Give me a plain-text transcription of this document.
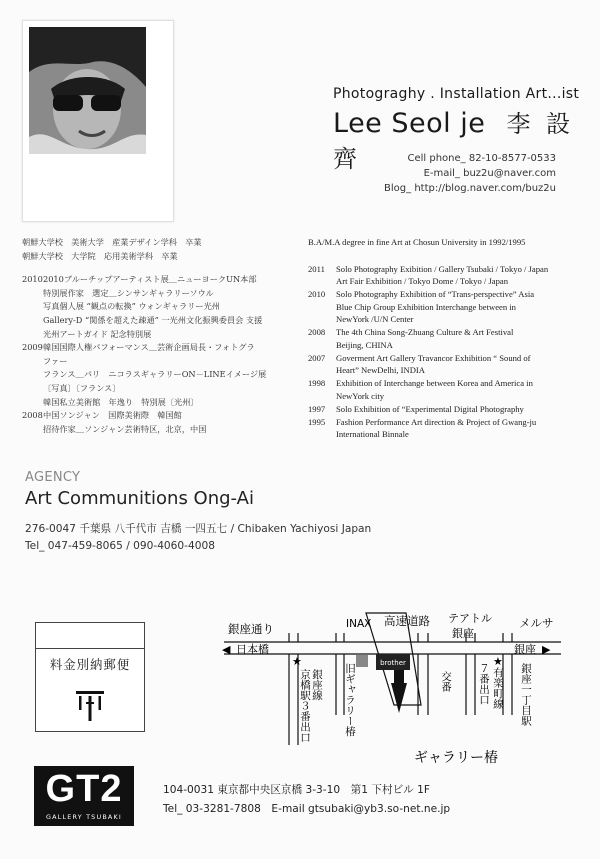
Photograghy . Installation Art...ist
Lee Seol je 李 設 齊	Cell phone_ 82-10-8577-0533
E-mail_ buz2u@naver.com
Blog_ http://blog.naver.com/buz2u
朝鮮大学校　美術大学　産業デザイン学科　卒業
朝鮮大学校　大学院　応用美術学科　卒業
2010 2010ブルーチップアーティスト展＿ニューヨークUN本部
特別展作家　選定＿シンサンギャラリーソウル
写真個人展 “観点の転換” ウォンギャラリー光州
Gallery-D “関係を超えた疎通” 一光州文化振興委員会 支援
光州アートガイド 記念特別展
2009 韓国国際人権パフォーマンス＿芸術企画局長・フォトグラ
ファー
フランス＿パリ　ニコラスギャラリーON－LINEイメージ展
〔写真〕〔フランス〕
韓国私立美術館　年逸り　特別展〔光州〕
2008 中国ソンジャン　国際美術際　韓国館
招待作家＿ソンジャン芸術特区，北京，中国
B.A/M.A degree in fine Art at Chosun University in 1992/1995
2011	Solo Photography Exibition / Gallery Tsubaki / Tokyo / Japan
Art Fair Exhibition / Tokyo Dome / Tokyo / Japan
2010	Solo Photography Exhibition of “Trans-perspective” Asia
Blue Chip Group Exhibition Interchange between in
NewYork /U/N Center
2008	The 4th China Song-Zhuang Culture & Art Festival
Beijing, CHINA
2007	Goverment Art Gallery Travancor Exhibition “ Sound of
Heart” NewDelhi, INDIA
1998	Exhibition of Interchange between Korea and America in
NewYork city
1997	Solo Exhibition of “Experimental Digital Photography
1995	Fashion Performance Art direction & Project of Gwang-ju
International Binnale
AGENCY
Art Communitions Ong-Ai
276-0047 千葉県 八千代市 吉橋 一四五七 / Chibaken Yachiyosi Japan
Tel_ 047-459-8065 / 090-4060-4008
料金別納郵便	brother
★	★
銀座通り	INAX 高速道路 テアトル
銀座
メルサ
◀ 日本橋	銀座 ▶
ギャラリー椿
銀座線
京橋駅３番出口	旧ギャラリー椿	交番 ７番出口	銀座一丁目駅
有楽町線
GT2
GALLERY TSUBAKI
104-0031 東京都中央区京橋 3-3-10　第1 下村ビル 1F
Tel_ 03-3281-7808　E-mail gtsubaki@yb3.so-net.ne.jp
